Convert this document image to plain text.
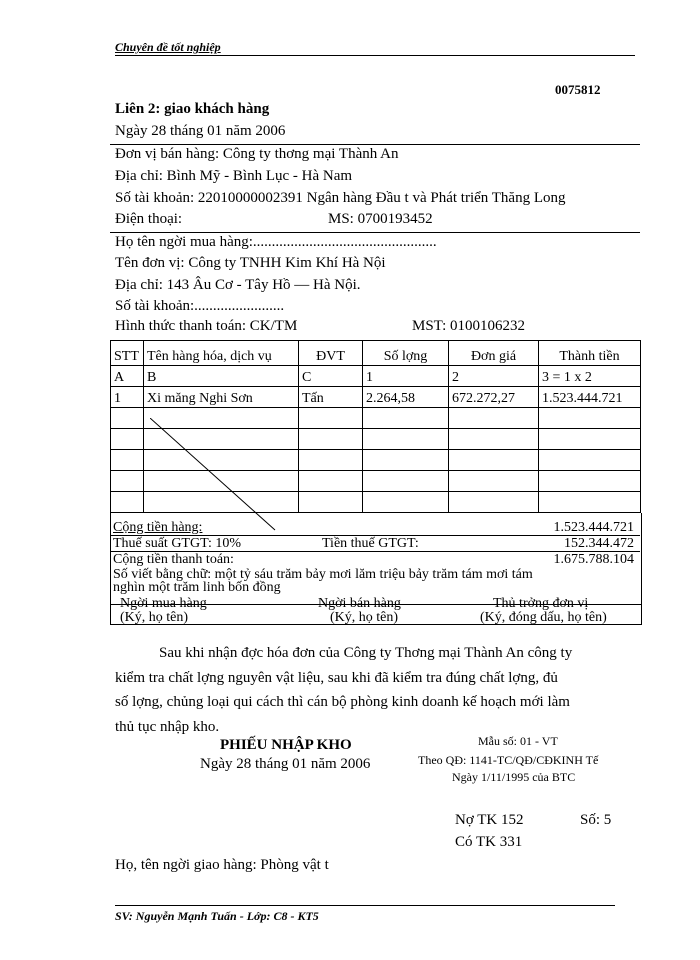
Chuyên đề tốt nghiệp
0075812
Liên 2: giao khách hàng
Ngày 28 tháng 01 năm 2006
Đơn vị bán hàng: Công ty thơng mại Thành An
Địa chỉ: Bình Mỹ - Bình Lục - Hà Nam
Số tài khoản: 22010000002391 Ngân hàng Đầu t và Phát triển Thăng Long
Điện thoại:	MS: 0700193452
Họ tên ngời mua hàng:.................................................
Tên đơn vị: Công ty TNHH Kim Khí Hà Nội
Địa chỉ: 143 Âu Cơ - Tây Hồ — Hà Nội.
Số tài khoản:........................
Hình thức thanh toán: CK/TM	MST: 0100106232
STT	Tên hàng hóa, dịch vụ	ĐVT	Số lợng	Đơn giá	Thành tiền
A	B	C	1	2	3 = 1 x 2
1	Xi măng Nghi Sơn	Tấn	2.264,58	672.272,27	1.523.444.721

Cộng tiền hàng:	1.523.444.721
Thuế suất GTGT: 10%	Tiền thuế GTGT:	152.344.472
Cộng tiền thanh toán:	1.675.788.104
Số viết bằng chữ: một tỷ sáu trăm bảy mơi lăm triệu bảy trăm tám mơi tám
nghìn một trăm linh bốn đồng
Ngời mua hàng
(Ký, họ tên)
Ngời bán hàng
(Ký, họ tên)
Thủ trởng đơn vị
(Ký, đóng dấu, họ tên)
Sau khi nhận đợc hóa đơn của Công ty Thơng mại Thành An công ty
kiểm tra chất lợng nguyên vật liệu, sau khi đã kiểm tra đúng chất lợng, đủ
số lợng, chủng loại qui cách thì cán bộ phòng kinh doanh kế hoạch mới làm
thủ tục nhập kho.
PHIẾU NHẬP KHO
Ngày 28 tháng 01 năm 2006
Mẫu số: 01 - VT
Theo QĐ: 1141-TC/QĐ/CĐKINH Tế
Ngày 1/11/1995 của BTC
Nợ TK 152	Số: 5
Có TK 331
Họ, tên ngời giao hàng: Phòng vật t
SV: Nguyễn Mạnh Tuấn - Lớp: C8 - KT5
